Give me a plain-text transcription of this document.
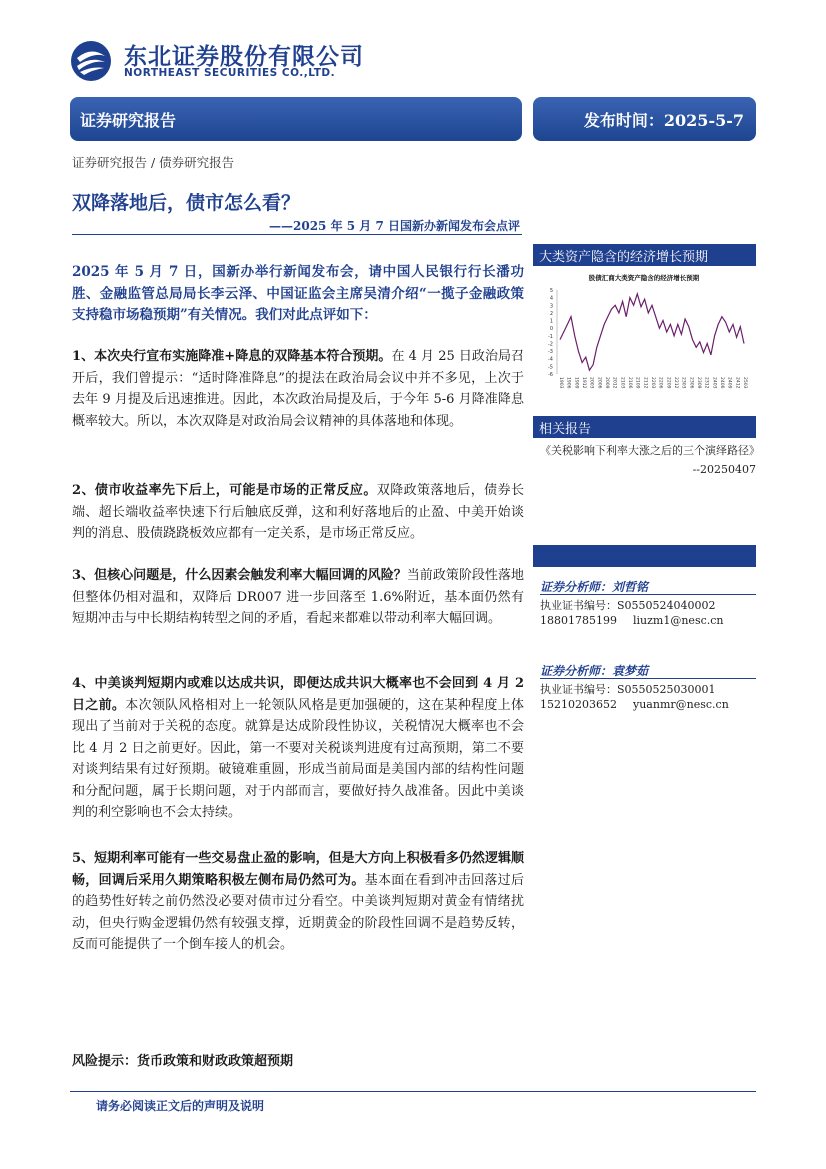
东北证券股份有限公司
NORTHEAST SECURITIES CO.,LTD.
证券研究报告	发布时间：2025-5-7
证券研究报告 / 债券研究报告
双降落地后，债市怎么看？
——2025 年 5 月 7 日国新办新闻发布会点评
2025 年 5 月 7 日，国新办举行新闻发布会，请中国人民银行行长潘功胜、金融监管总局局长李云泽、中国证监会主席吴清介绍“一揽子金融政策支持稳市场稳预期”有关情况。我们对此点评如下：
1、本次央行宣布实施降准+降息的双降基本符合预期。在 4 月 25 日政治局召开后，我们曾提示：“适时降准降息”的提法在政治局会议中并不多见，上次于去年 9 月提及后迅速推进。因此，本次政治局提及后，于今年 5-6 月降准降息概率较大。所以，本次双降是对政治局会议精神的具体落地和体现。
2、债市收益率先下后上，可能是市场的正常反应。双降政策落地后，债券长端、超长端收益率快速下行后触底反弹，这和利好落地后的止盈、中美开始谈判的消息、股债跷跷板效应都有一定关系，是市场正常反应。
3、但核心问题是，什么因素会触发利率大幅回调的风险？当前政策阶段性落地但整体仍相对温和，双降后 DR007 进一步回落至 1.6%附近，基本面仍然有短期冲击与中长期结构转型之间的矛盾，看起来都难以带动利率大幅回调。
4、中美谈判短期内或难以达成共识，即便达成共识大概率也不会回到 4 月 2 日之前。本次领队风格相对上一轮领队风格是更加强硬的，这在某种程度上体现出了当前对于关税的态度。就算是达成阶段性协议，关税情况大概率也不会比 4 月 2 日之前更好。因此，第一不要对关税谈判进度有过高预期，第二不要对谈判结果有过好预期。破镜难重圆，形成当前局面是美国内部的结构性问题和分配问题，属于长期问题，对于内部而言，要做好持久战准备。因此中美谈判的利空影响也不会太持续。
5、短期利率可能有一些交易盘止盈的影响，但是大方向上积极看多仍然逻辑顺畅，回调后采用久期策略积极左侧布局仍然可为。基本面在看到冲击回落过后的趋势性好转之前仍然没必要对债市过分看空。中美谈判短期对黄金有情绪扰动，但央行购金逻辑仍然有较强支撑，近期黄金的阶段性回调不是趋势反转，反而可能提供了一个倒车接人的机会。
风险提示：货币政策和财政政策超预期
请务必阅读正文后的声明及说明
大类资产隐含的经济增长预期
股债汇商大类资产隐含的经济增长预期
5
4
3
2
1
0
-1
-2
-3
-4
-5
-6
1903 1906 1909 1912 2003 2006 2009 2012 2103 2106 2109 2112 2203 2206 2209 2212 2303 2306 2309 2312 2403 2406 2409 2412 2503
相关报告
《关税影响下利率大涨之后的三个演绎路径》
--20250407
证券分析师：刘哲铭
执业证书编号：S0550524040002
18801785199 liuzm1@nesc.cn
证券分析师：袁梦茹
执业证书编号：S0550525030001
15210203652 yuanmr@nesc.cn
